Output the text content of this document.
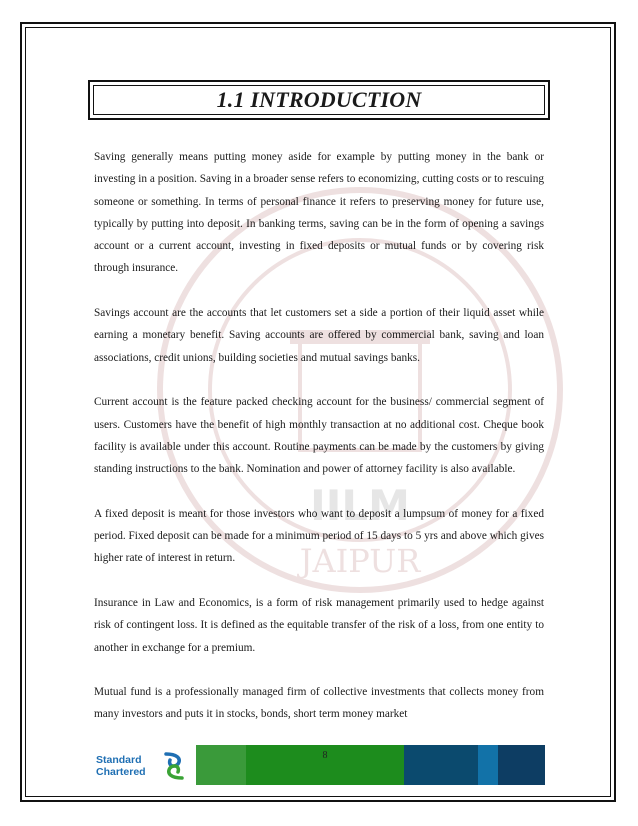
IILM
JAIPUR
1.1 INTRODUCTION

Saving generally means putting money aside for example by putting money in the bank or investing in a position. Saving in a broader sense refers to economizing, cutting costs or to rescuing someone or something. In terms of personal finance it refers to preserving money for future use, typically by putting into deposit. In banking terms, saving can be in the form of opening a savings account or a current account, investing in fixed deposits or mutual funds or by covering risk through insurance.

Savings account are the accounts that let customers set a side a portion of their liquid asset while earning a monetary benefit. Saving accounts are offered by commercial bank, saving and loan associations, credit unions, building societies and mutual savings banks.

Current account is the feature packed checking account for the business/ commercial segment of users. Customers have the benefit of high monthly transaction at no additional cost. Cheque book facility is available under this account. Routine payments can be made by the customers by giving standing instructions to the bank. Nomination and power of attorney facility is also available.

A fixed deposit is meant for those investors who want to deposit a lumpsum of money for a fixed period. Fixed deposit can be made for a minimum period of 15 days to 5 yrs and above which gives higher rate of interest in return.

Insurance in Law and Economics, is a form of risk management primarily used to hedge against risk of contingent loss. It is defined as the equitable transfer of the risk of a loss, from one entity to another in exchange for a premium.

Mutual fund is a professionally managed firm of collective investments that collects money from many investors and puts it in stocks, bonds, short term money market

Standard
Chartered
8
